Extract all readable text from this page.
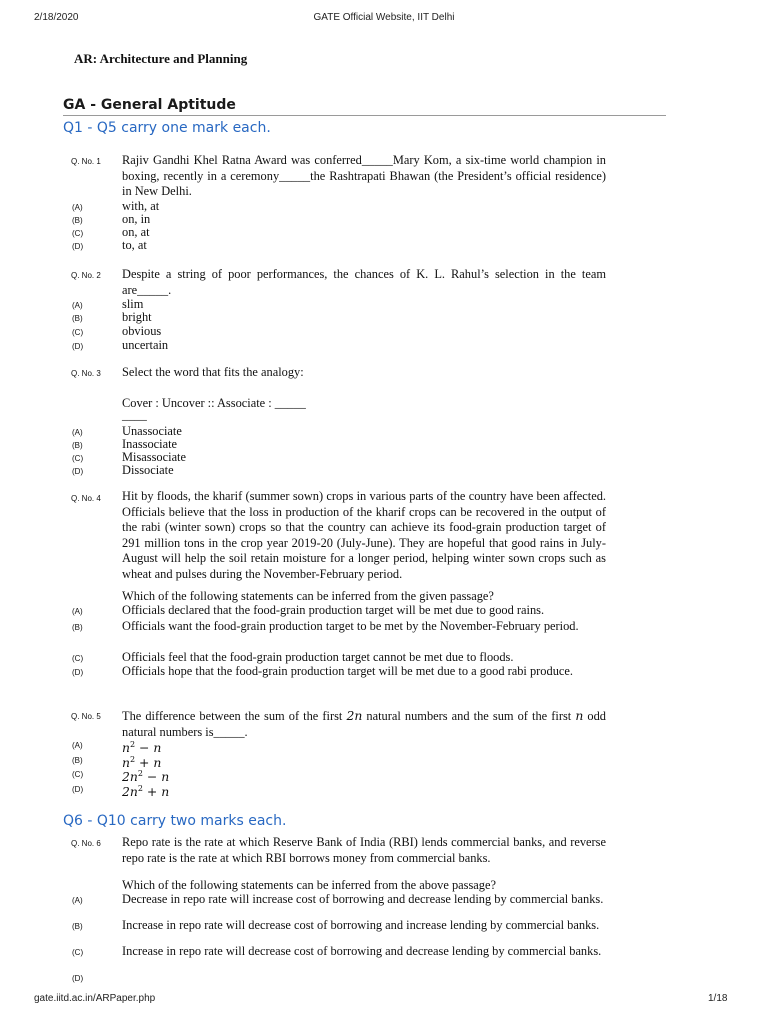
2/18/2020	GATE Official Website, IIT Delhi
AR: Architecture and Planning
GA - General Aptitude
Q1 - Q5 carry one mark each.
Q. No. 1 Rajiv Gandhi Khel Ratna Award was conferred_____Mary Kom, a six-time world champion in boxing, recently in a ceremony_____the Rashtrapati Bhawan (the President’s official residence) in New Delhi.
(A)	with, at
(B)	on, in
(C)	on, at
(D)	to, at
Q. No. 2 Despite a string of poor performances, the chances of K. L. Rahul’s selection in the team are_____.
(A)	slim
(B)	bright
(C)	obvious
(D)	uncertain
Q. No. 3 Select the word that fits the analogy:
Cover : Uncover :: Associate : _____
____
(A)	Unassociate
(B)	Inassociate
(C)	Misassociate
(D)	Dissociate
Q. No. 4 Hit by floods, the kharif (summer sown) crops in various parts of the country have been affected. Officials believe that the loss in production of the kharif crops can be recovered in the output of the rabi (winter sown) crops so that the country can achieve its food-grain production target of 291 million tons in the crop year 2019-20 (July-June). They are hopeful that good rains in July-August will help the soil retain moisture for a longer period, helping winter sown crops such as wheat and pulses during the November-February period.
Which of the following statements can be inferred from the given passage?
(A)	Officials declared that the food-grain production target will be met due to good rains.
(B)	Officials want the food-grain production target to be met by the November-February period.
(C)	Officials feel that the food-grain production target cannot be met due to floods.
(D)	Officials hope that the food-grain production target will be met due to a good rabi produce.
Q. No. 5 The difference between the sum of the first 2n natural numbers and the sum of the first n odd natural numbers is_____.
(A)	$n^2 - n$
(B)	$n^2 + n$
(C)	$2n^2 - n$
(D)	$2n^2 + n$
Q6 - Q10 carry two marks each.
Q. No. 6 Repo rate is the rate at which Reserve Bank of India (RBI) lends commercial banks, and reverse repo rate is the rate at which RBI borrows money from commercial banks.
Which of the following statements can be inferred from the above passage?
(A)	Decrease in repo rate will increase cost of borrowing and decrease lending by commercial banks.
(B)	Increase in repo rate will decrease cost of borrowing and increase lending by commercial banks.
(C)	Increase in repo rate will decrease cost of borrowing and decrease lending by commercial banks.
(D)
gate.iitd.ac.in/ARPaper.php	1/18
